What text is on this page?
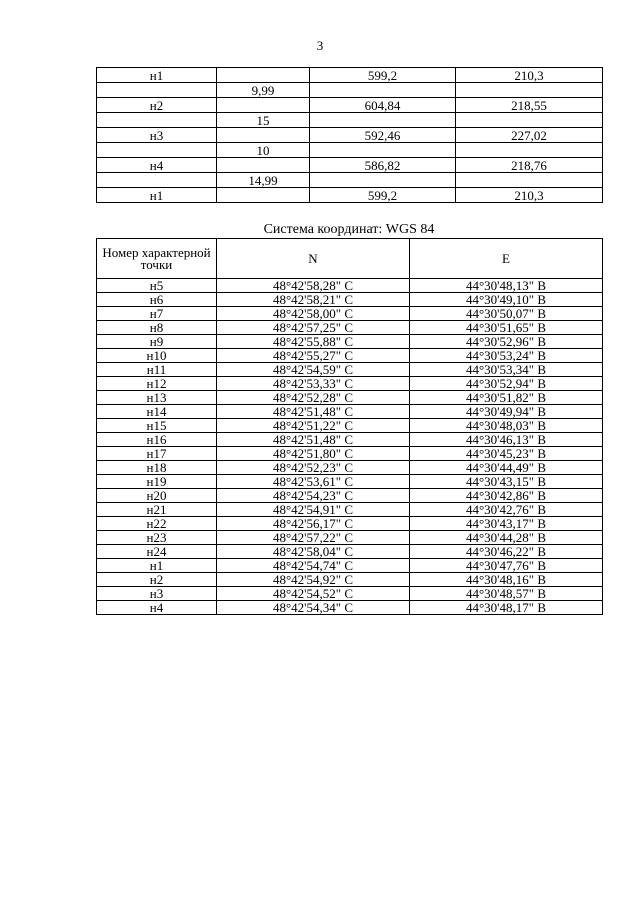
3
н1		599,2	210,3
	9,99		
н2		604,84	218,55
	15		
н3		592,46	227,02
	10		
н4		586,82	218,76
	14,99		
н1		599,2	210,3
Система координат: WGS 84
Номер характерной точки	N	E
н5	48°42'58,28" С	44°30'48,13" В
н6	48°42'58,21" С	44°30'49,10" В
н7	48°42'58,00" С	44°30'50,07" В
н8	48°42'57,25" С	44°30'51,65" В
н9	48°42'55,88" С	44°30'52,96" В
н10	48°42'55,27" С	44°30'53,24" В
н11	48°42'54,59" С	44°30'53,34" В
н12	48°42'53,33" С	44°30'52,94" В
н13	48°42'52,28" С	44°30'51,82" В
н14	48°42'51,48" С	44°30'49,94" В
н15	48°42'51,22" С	44°30'48,03" В
н16	48°42'51,48" С	44°30'46,13" В
н17	48°42'51,80" С	44°30'45,23" В
н18	48°42'52,23" С	44°30'44,49" В
н19	48°42'53,61" С	44°30'43,15" В
н20	48°42'54,23" С	44°30'42,86" В
н21	48°42'54,91" С	44°30'42,76" В
н22	48°42'56,17" С	44°30'43,17" В
н23	48°42'57,22" С	44°30'44,28" В
н24	48°42'58,04" С	44°30'46,22" В
н1	48°42'54,74" С	44°30'47,76" В
н2	48°42'54,92" С	44°30'48,16" В
н3	48°42'54,52" С	44°30'48,57" В
н4	48°42'54,34" С	44°30'48,17" В
